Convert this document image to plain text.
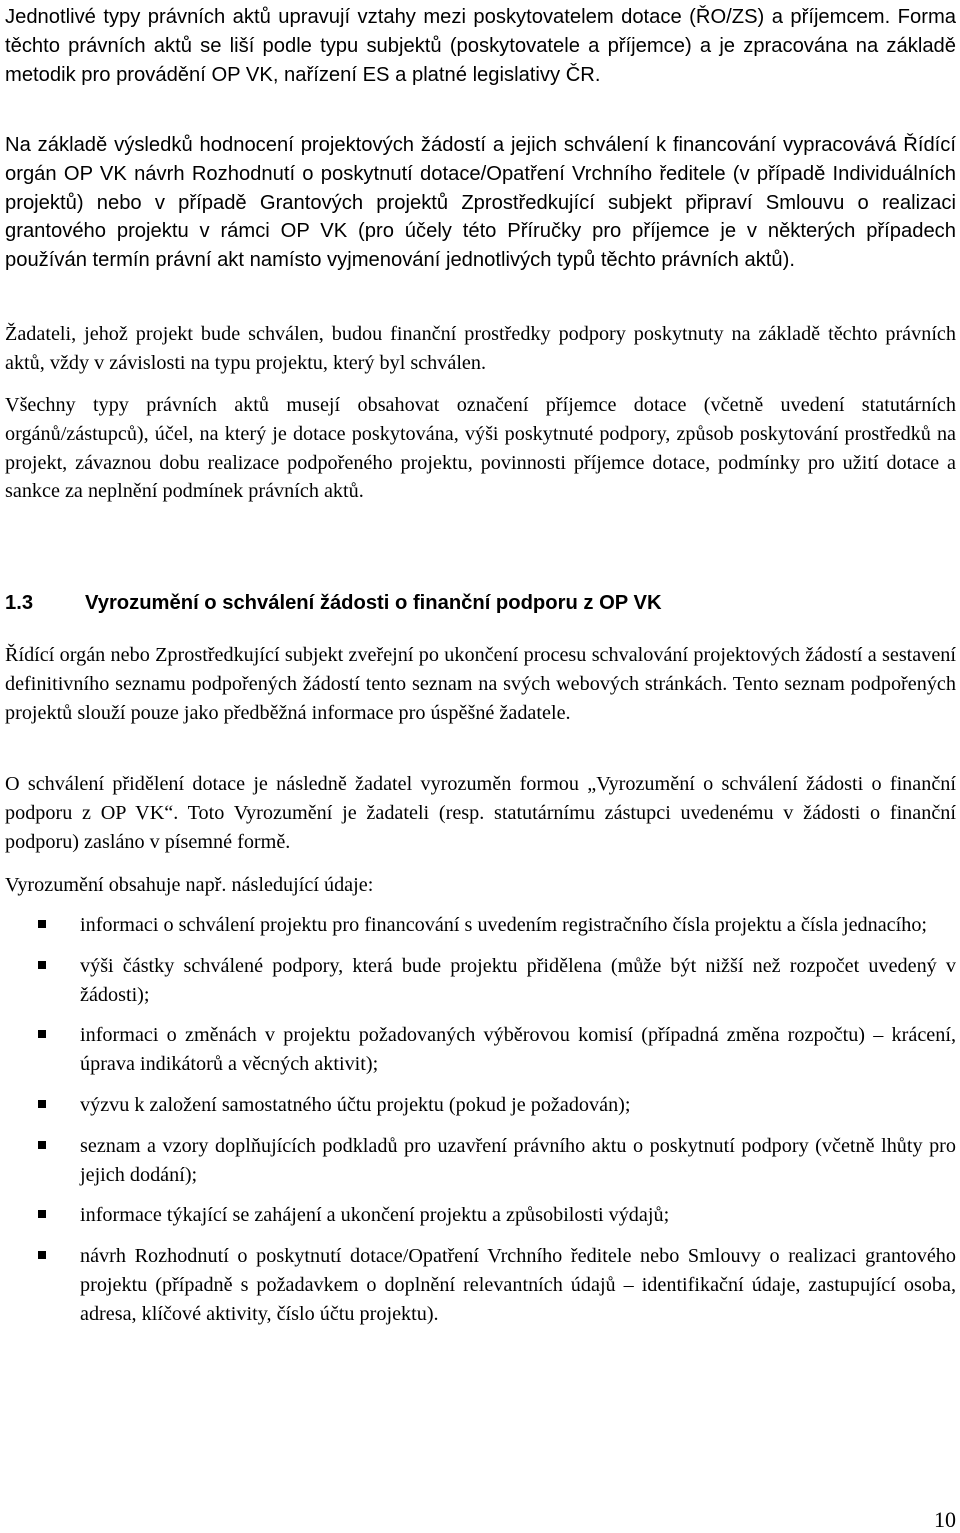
Jednotlivé typy právních aktů upravují vztahy mezi poskytovatelem dotace (ŘO/ZS) a příjemcem. Forma těchto právních aktů se liší podle typu subjektů (poskytovatele a příjemce) a je zpracována na základě metodik pro provádění OP VK, nařízení ES a platné legislativy ČR.

Na základě výsledků hodnocení projektových žádostí a jejich schválení k financování vypracovává Řídící orgán OP VK návrh Rozhodnutí o poskytnutí dotace/Opatření Vrchního ředitele (v případě Individuálních projektů) nebo v případě Grantových projektů Zprostředkující subjekt připraví Smlouvu o realizaci grantového projektu v rámci OP VK (pro účely této Příručky pro příjemce je v některých případech používán termín právní akt namísto vyjmenování jednotlivých typů těchto právních aktů).

Žadateli, jehož projekt bude schválen, budou finanční prostředky podpory poskytnuty na základě těchto právních aktů, vždy v závislosti na typu projektu, který byl schválen.

Všechny typy právních aktů musejí obsahovat označení příjemce dotace (včetně uvedení statutárních orgánů/zástupců), účel, na který je dotace poskytována, výši poskytnuté podpory, způsob poskytování prostředků na projekt, závaznou dobu realizace podpořeného projektu, povinnosti příjemce dotace, podmínky pro užití dotace a sankce za neplnění podmínek právních aktů.

1.3	Vyrozumění o schválení žádosti o finanční podporu z OP VK

Řídící orgán nebo Zprostředkující subjekt zveřejní po ukončení procesu schvalování projektových žádostí a sestavení definitivního seznamu podpořených žádostí tento seznam na svých webových stránkách. Tento seznam podpořených projektů slouží pouze jako předběžná informace pro úspěšné žadatele.

O schválení přidělení dotace je následně žadatel vyrozuměn formou „Vyrozumění o schválení žádosti o finanční podporu z OP VK“. Toto Vyrozumění je žadateli (resp. statutárnímu zástupci uvedenému v žádosti o finanční podporu) zasláno v písemné formě.

Vyrozumění obsahuje např. následující údaje:

informaci o schválení projektu pro financování s uvedením registračního čísla projektu a čísla jednacího;
výši částky schválené podpory, která bude projektu přidělena (může být nižší než rozpočet uvedený v žádosti);
informaci o změnách v projektu požadovaných výběrovou komisí (případná změna rozpočtu) – krácení, úprava indikátorů a věcných aktivit);
výzvu k založení samostatného účtu projektu (pokud je požadován);
seznam a vzory doplňujících podkladů pro uzavření právního aktu o poskytnutí podpory (včetně lhůty pro jejich dodání);
informace týkající se zahájení a ukončení projektu a způsobilosti výdajů;
návrh Rozhodnutí o poskytnutí dotace/Opatření Vrchního ředitele nebo Smlouvy o realizaci grantového projektu (případně s požadavkem o doplnění relevantních údajů – identifikační údaje, zastupující osoba, adresa, klíčové aktivity, číslo účtu projektu).
10
